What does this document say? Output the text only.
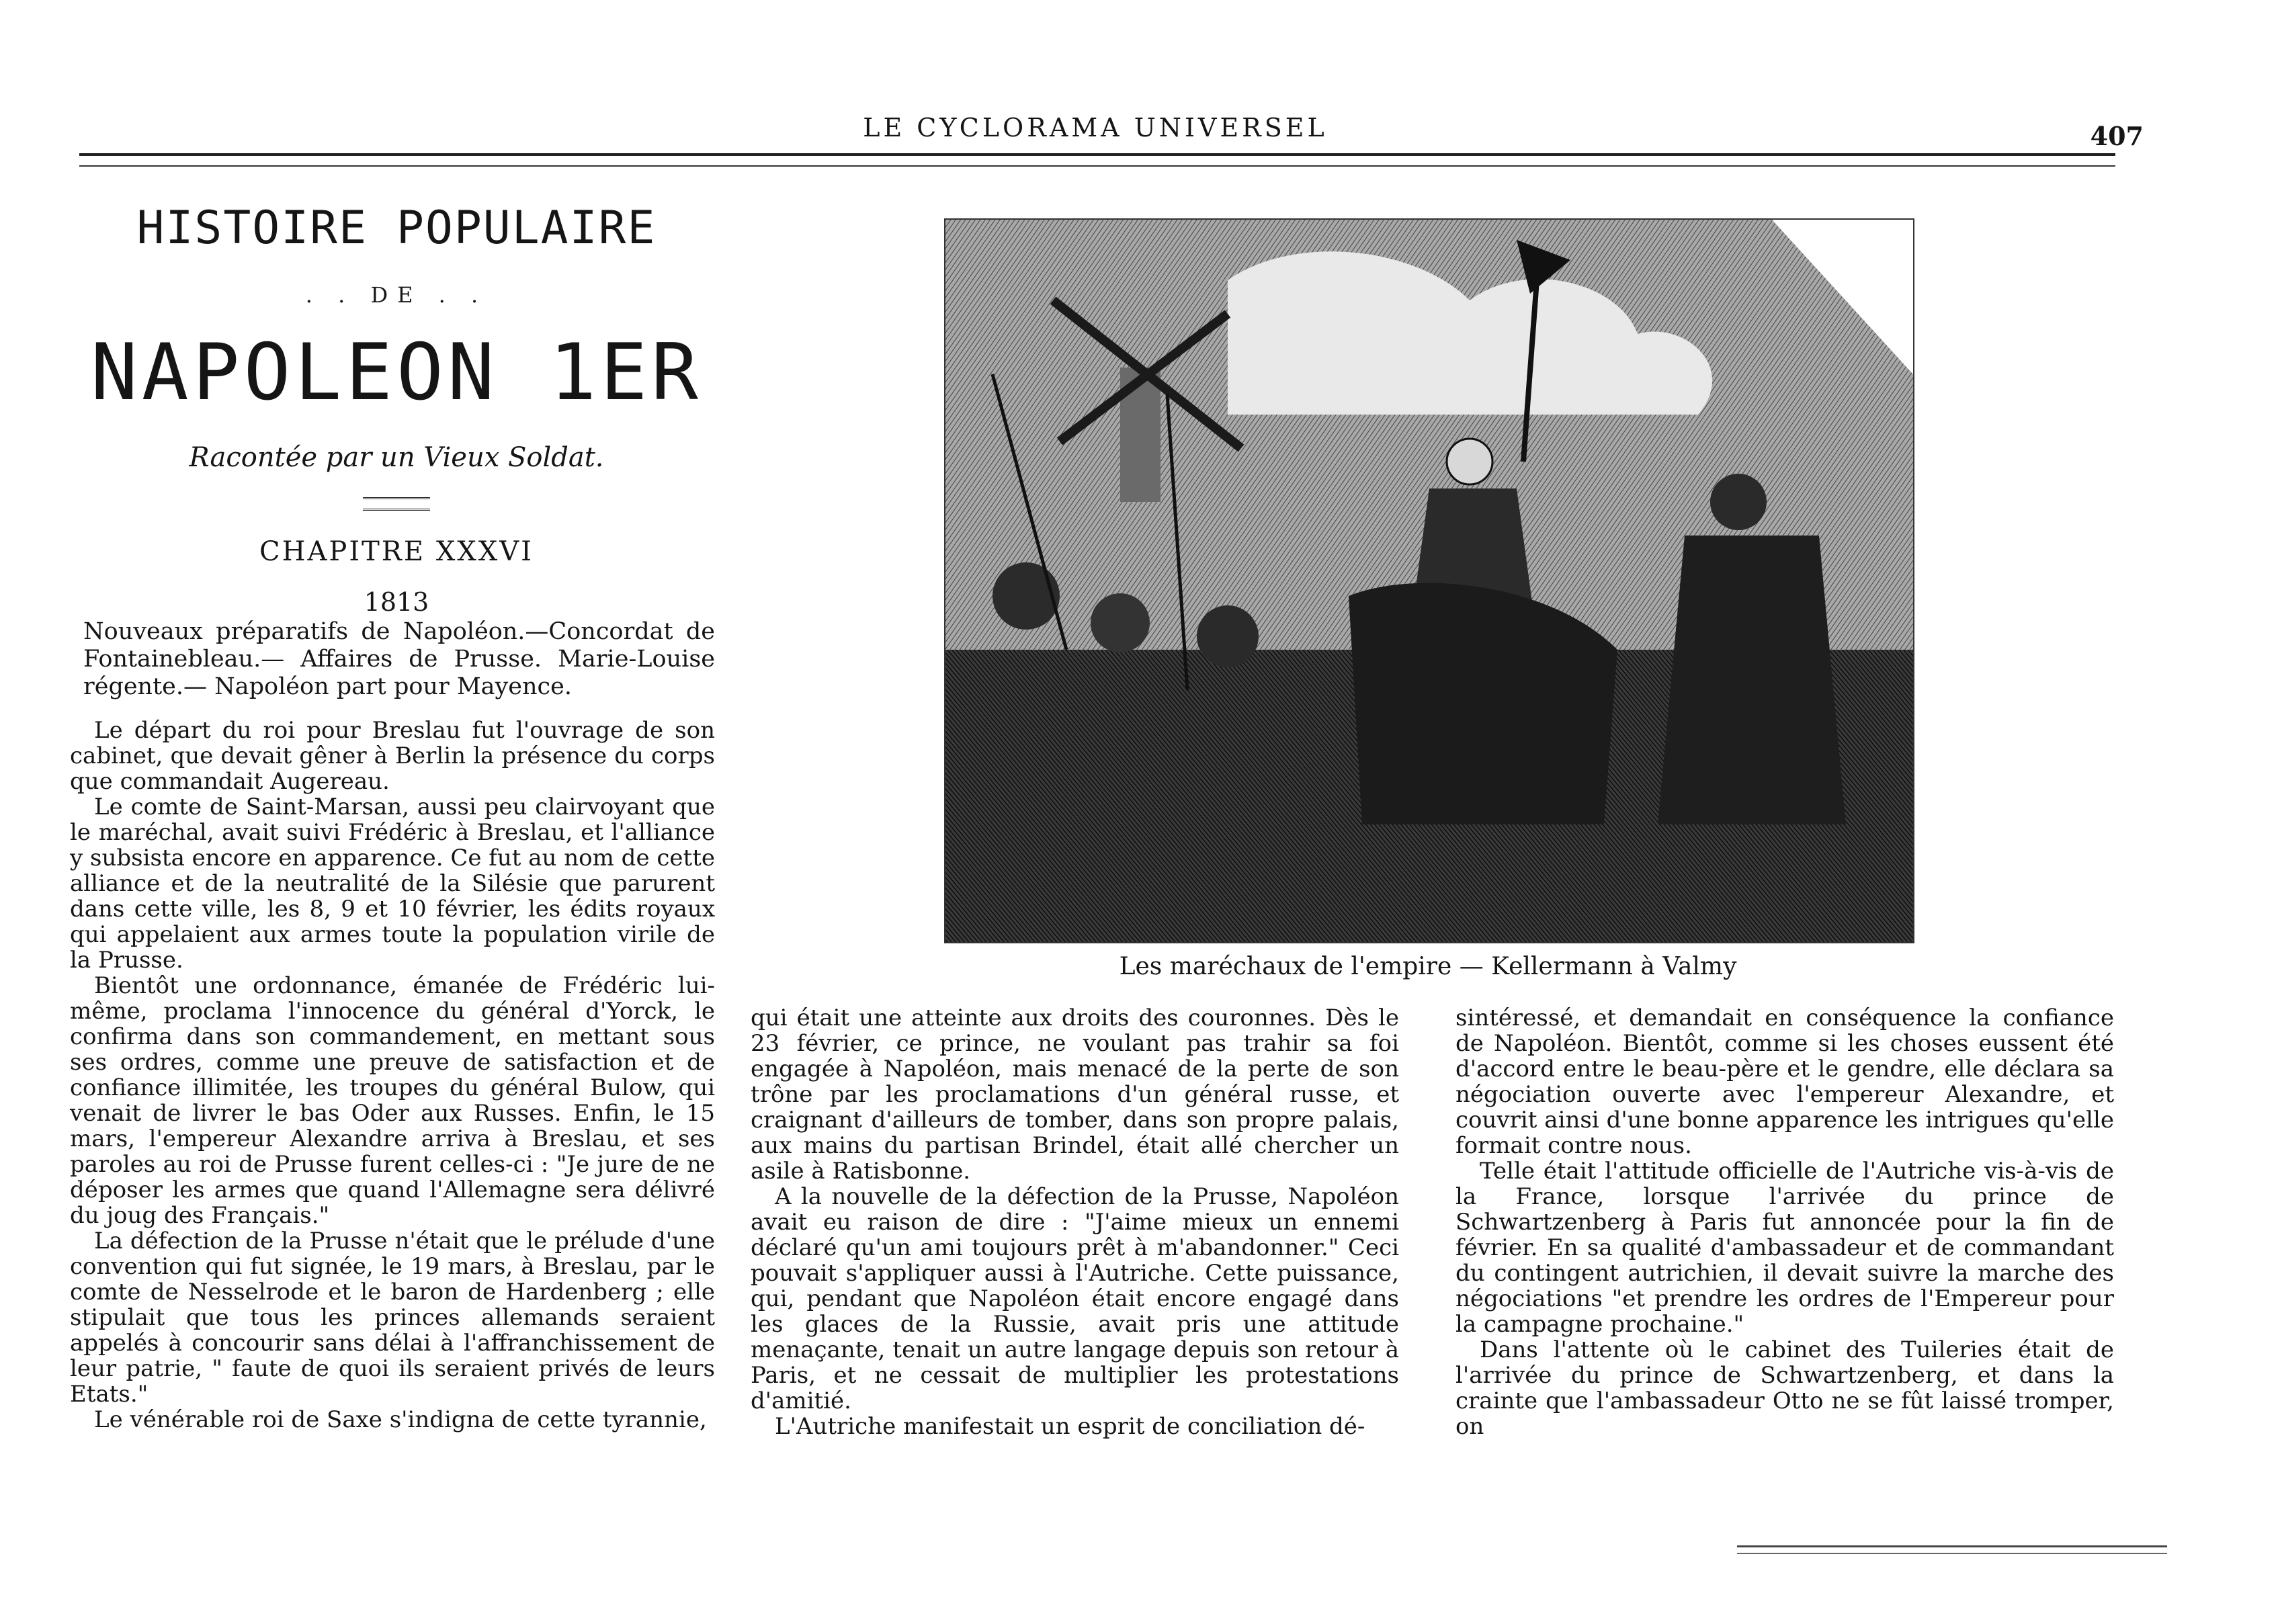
LE CYCLORAMA UNIVERSEL	407
HISTOIRE POPULAIRE
. . DE . .
NAPOLEON 1ER
Racontée par un Vieux Soldat.
CHAPITRE XXXVI
1813
Nouveaux préparatifs de Napoléon.—Concordat de Fontainebleau.— Affaires de Prusse. Marie-Louise régente.— Napoléon part pour Mayence.

Le départ du roi pour Breslau fut l'ouvrage de son cabinet, que devait gêner à Berlin la présence du corps que commandait Augereau.

Le comte de Saint-Marsan, aussi peu clairvoyant que le maréchal, avait suivi Frédéric à Breslau, et l'alliance y subsista encore en apparence. Ce fut au nom de cette alliance et de la neutralité de la Silésie que parurent dans cette ville, les 8, 9 et 10 février, les édits royaux qui appelaient aux armes toute la population virile de la Prusse.

Bientôt une ordonnance, émanée de Frédéric lui-même, proclama l'innocence du général d'Yorck, le confirma dans son commandement, en mettant sous ses ordres, comme une preuve de satisfaction et de confiance illimitée, les troupes du général Bulow, qui venait de livrer le bas Oder aux Russes. Enfin, le 15 mars, l'empereur Alexandre arriva à Breslau, et ses paroles au roi de Prusse furent celles-ci : "Je jure de ne déposer les armes que quand l'Allemagne sera délivré du joug des Français."

La défection de la Prusse n'était que le prélude d'une convention qui fut signée, le 19 mars, à Breslau, par le comte de Nesselrode et le baron de Hardenberg ; elle stipulait que tous les princes allemands seraient appelés à concourir sans délai à l'affranchissement de leur patrie, " faute de quoi ils seraient privés de leurs Etats."

Le vénérable roi de Saxe s'indigna de cette tyrannie,

Les maréchaux de l'empire — Kellermann à Valmy

qui était une atteinte aux droits des couronnes. Dès le 23 février, ce prince, ne voulant pas trahir sa foi engagée à Napoléon, mais menacé de la perte de son trône par les proclamations d'un général russe, et craignant d'ailleurs de tomber, dans son propre palais, aux mains du partisan Brindel, était allé chercher un asile à Ratisbonne.

A la nouvelle de la défection de la Prusse, Napoléon avait eu raison de dire : "J'aime mieux un ennemi déclaré qu'un ami toujours prêt à m'abandonner." Ceci pouvait s'appliquer aussi à l'Autriche. Cette puissance, qui, pendant que Napoléon était encore engagé dans les glaces de la Russie, avait pris une attitude menaçante, tenait un autre langage depuis son retour à Paris, et ne cessait de multiplier les protestations d'amitié.

L'Autriche manifestait un esprit de conciliation dé-

sintéressé, et demandait en conséquence la confiance de Napoléon. Bientôt, comme si les choses eussent été d'accord entre le beau-père et le gendre, elle déclara sa négociation ouverte avec l'empereur Alexandre, et couvrit ainsi d'une bonne apparence les intrigues qu'elle formait contre nous.

Telle était l'attitude officielle de l'Autriche vis-à-vis de la France, lorsque l'arrivée du prince de Schwartzenberg à Paris fut annoncée pour la fin de février. En sa qualité d'ambassadeur et de commandant du contingent autrichien, il devait suivre la marche des négociations "et prendre les ordres de l'Empereur pour la campagne prochaine."

Dans l'attente où le cabinet des Tuileries était de l'arrivée du prince de Schwartzenberg, et dans la crainte que l'ambassadeur Otto ne se fût laissé tromper, on
